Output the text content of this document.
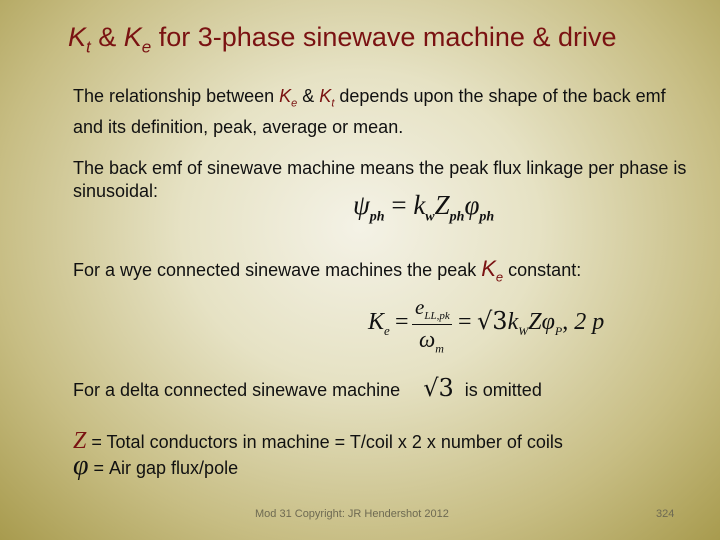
$K_t$ & $K_e$ for 3-phase sinewave machine & drive

The relationship between $K_e$ & $K_t$ depends upon the shape of the back emf and its definition, peak, average or mean.

The back emf of sinewave machine means the peak flux linkage per phase is sinusoidal:	$\psi_{ph} = k_wZ_{ph}\varphi_{ph}$

For a wye connected sinewave machines the peak $K_e$ constant:

$K_e$ =
$e_{LL,pk}$
$\omega_m$
= $√3k_WZ\varphi_P$, 2 p

For a delta connected sinewave machine √3 is omitted

Z = Total conductors in machine = T/coil x 2 x number of coils

φ = Air gap flux/pole

Mod 31 Copyright: JR Hendershot 2012	324
